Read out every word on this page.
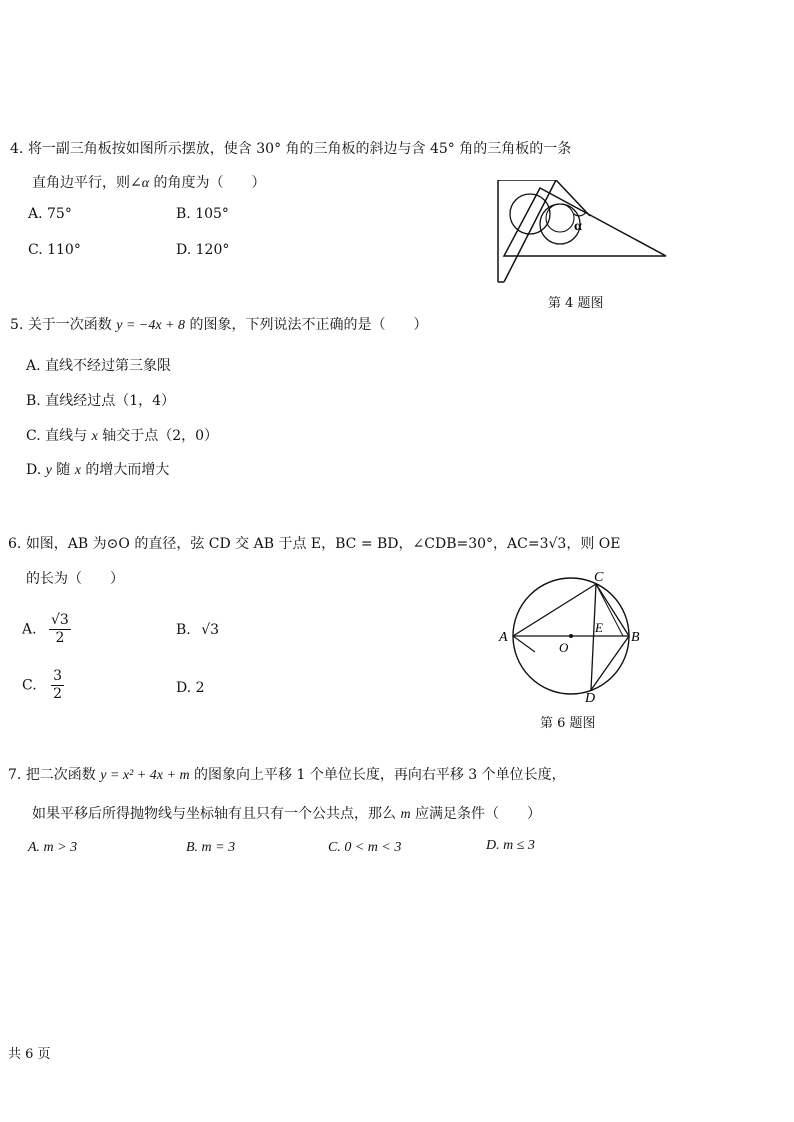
4. 将一副三角板按如图所示摆放，使含 30° 角的三角板的斜边与含 45° 角的三角板的一条
直角边平行，则∠α 的角度为（　　）
A. 75°	B. 105°
C. 110°	D. 120°
α
第 4 题图
5. 关于一次函数 y = −4x + 8 的图象，下列说法不正确的是（　　）
A. 直线不经过第三象限
B. 直线经过点（1，4）
C. 直线与 x 轴交于点（2，0）
D. y 随 x 的增大而增大
6. 如图，AB 为⊙O 的直径，弦 CD 交 AB 于点 E，BC = BD，∠CDB=30°，AC=3√3，则 OE
的长为（　　）
A. $\frac{√3}{2}$	B. √3
C. $\frac{3}{2}$	D. 2
A	B
C
D
E
O
第 6 题图
7. 把二次函数 y = x² + 4x + m 的图象向上平移 1 个单位长度，再向右平移 3 个单位长度，
如果平移后所得抛物线与坐标轴有且只有一个公共点，那么 m 应满足条件（　　）
A. m > 3	B. m = 3	C. 0 < m < 3	D. m ≤ 3
共 6 页
